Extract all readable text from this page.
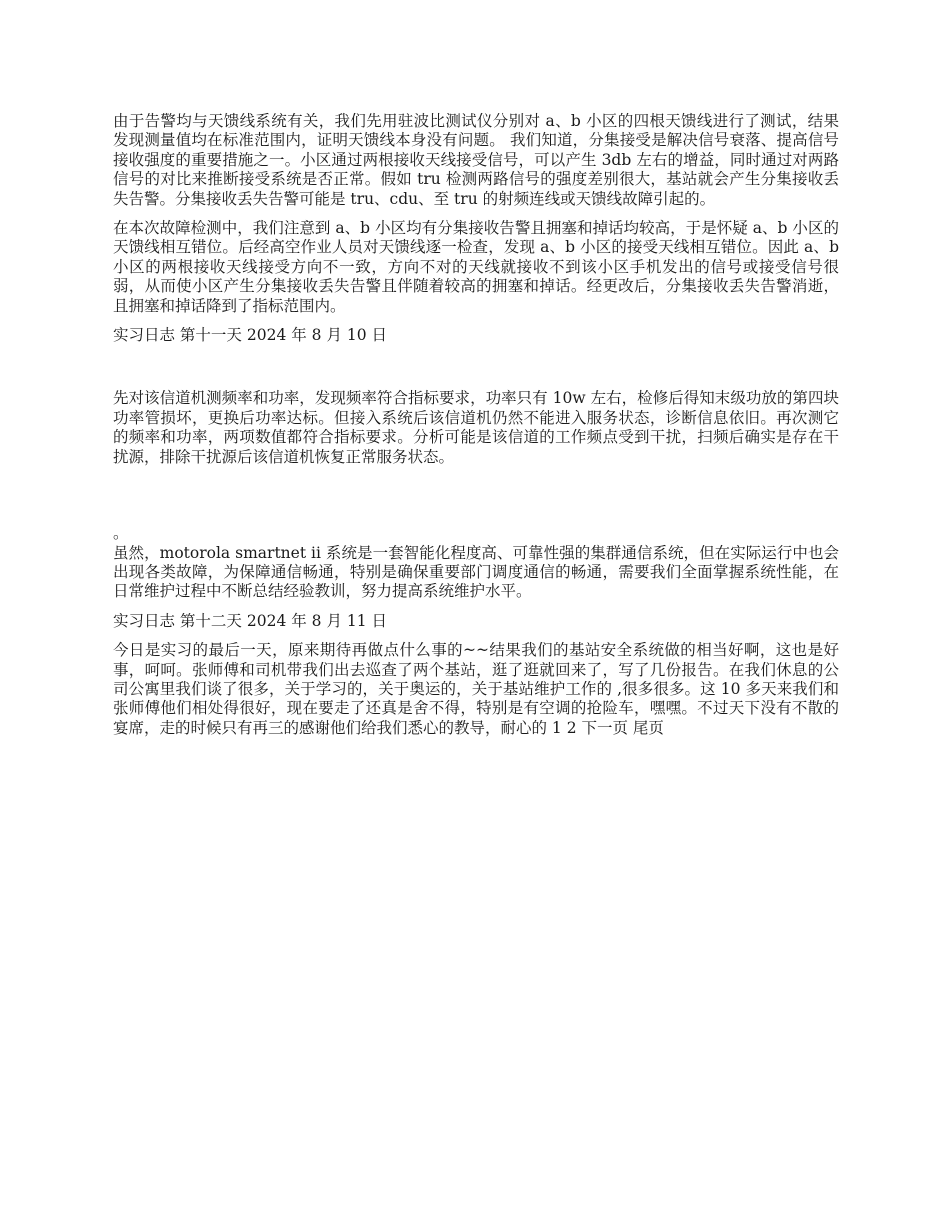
由于告警均与天馈线系统有关，我们先用驻波比测试仪分别对 a、b 小区的四根天馈线进行了测试，结果发现测量值均在标准范围内，证明天馈线本身没有问题。 我们知道，分集接受是解决信号衰落、提高信号接收强度的重要措施之一。小区通过两根接收天线接受信号，可以产生 3db 左右的增益，同时通过对两路信号的对比来推断接受系统是否正常。假如 tru 检测两路信号的强度差别很大，基站就会产生分集接收丢失告警。分集接收丢失告警可能是 tru、cdu、至 tru 的射频连线或天馈线故障引起的。

在本次故障检测中，我们注意到 a、b 小区均有分集接收告警且拥塞和掉话均较高，于是怀疑 a、b 小区的天馈线相互错位。后经高空作业人员对天馈线逐一检查，发现 a、b 小区的接受天线相互错位。因此 a、b 小区的两根接收天线接受方向不一致，方向不对的天线就接收不到该小区手机发出的信号或接受信号很弱，从而使小区产生分集接收丢失告警且伴随着较高的拥塞和掉话。经更改后，分集接收丢失告警消逝，且拥塞和掉话降到了指标范围内。

实习日志 第十一天 2024 年 8 月 10 日

先对该信道机测频率和功率，发现频率符合指标要求，功率只有 10w 左右，检修后得知末级功放的第四块功率管损坏，更换后功率达标。但接入系统后该信道机仍然不能进入服务状态，诊断信息依旧。再次测它的频率和功率，两项数值都符合指标要求。分析可能是该信道的工作频点受到干扰，扫频后确实是存在干扰源，排除干扰源后该信道机恢复正常服务状态。

。

虽然，motorola smartnet ii 系统是一套智能化程度高、可靠性强的集群通信系统，但在实际运行中也会出现各类故障，为保障通信畅通，特别是确保重要部门调度通信的畅通，需要我们全面掌握系统性能，在日常维护过程中不断总结经验教训，努力提高系统维护水平。

实习日志 第十二天 2024 年 8 月 11 日

今日是实习的最后一天，原来期待再做点什么事的~~结果我们的基站安全系统做的相当好啊，这也是好事，呵呵。张师傅和司机带我们出去巡查了两个基站，逛了逛就回来了，写了几份报告。在我们休息的公司公寓里我们谈了很多，关于学习的，关于奥运的，关于基站维护工作的 ,很多很多。这 10 多天来我们和张师傅他们相处得很好，现在要走了还真是舍不得，特别是有空调的抢险车，嘿嘿。不过天下没有不散的宴席，走的时候只有再三的感谢他们给我们悉心的教导，耐心的 1 2 下一页 尾页
